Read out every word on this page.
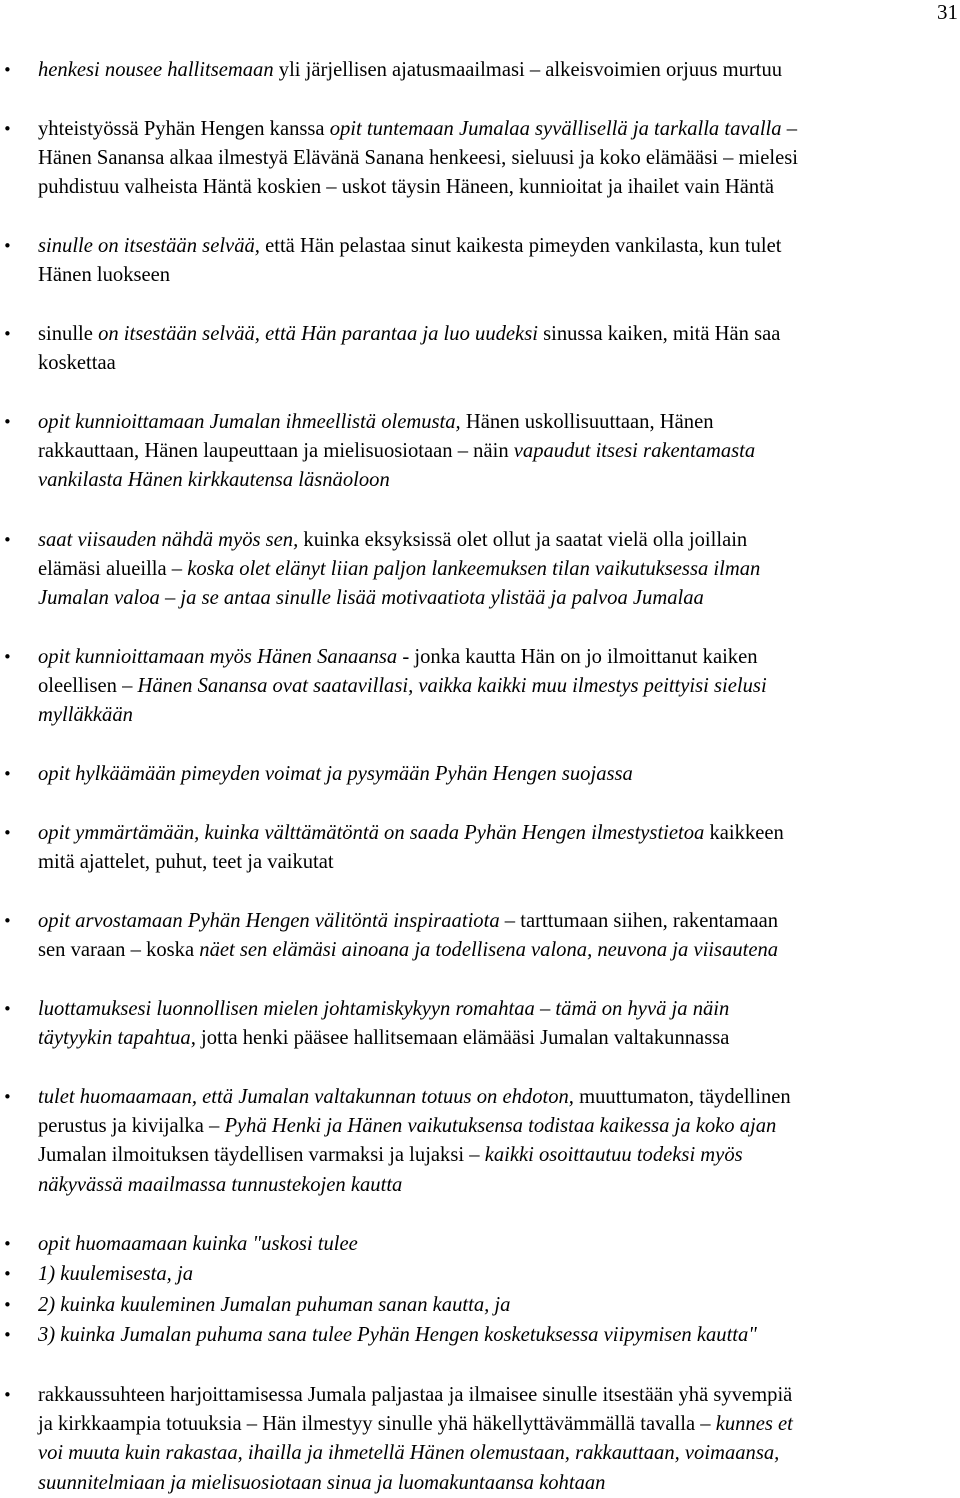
31
• henkesi nousee hallitsemaan yli järjellisen ajatusmaailmasi – alkeisvoimien orjuus murtuu
• yhteistyössä Pyhän Hengen kanssa opit tuntemaan Jumalaa syvällisellä ja tarkalla tavalla –
Hänen Sanansa alkaa ilmestyä Elävänä Sanana henkeesi, sieluusi ja koko elämääsi – mielesi
puhdistuu valheista Häntä koskien – uskot täysin Häneen, kunnioitat ja ihailet vain Häntä
• sinulle on itsestään selvää, että Hän pelastaa sinut kaikesta pimeyden vankilasta, kun tulet
Hänen luokseen
• sinulle on itsestään selvää, että Hän parantaa ja luo uudeksi sinussa kaiken, mitä Hän saa
koskettaa
• opit kunnioittamaan Jumalan ihmeellistä olemusta, Hänen uskollisuuttaan, Hänen
rakkauttaan, Hänen laupeuttaan ja mielisuosiotaan – näin vapaudut itsesi rakentamasta
vankilasta Hänen kirkkautensa läsnäoloon
• saat viisauden nähdä myös sen, kuinka eksyksissä olet ollut ja saatat vielä olla joillain
elämäsi alueilla – koska olet elänyt liian paljon lankeemuksen tilan vaikutuksessa ilman
Jumalan valoa – ja se antaa sinulle lisää motivaatiota ylistää ja palvoa Jumalaa
• opit kunnioittamaan myös Hänen Sanaansa - jonka kautta Hän on jo ilmoittanut kaiken
oleellisen – Hänen Sanansa ovat saatavillasi, vaikka kaikki muu ilmestys peittyisi sielusi
mylläkkään
• opit hylkäämään pimeyden voimat ja pysymään Pyhän Hengen suojassa
• opit ymmärtämään, kuinka välttämätöntä on saada Pyhän Hengen ilmestystietoa kaikkeen
mitä ajattelet, puhut, teet ja vaikutat
• opit arvostamaan Pyhän Hengen välitöntä inspiraatiota – tarttumaan siihen, rakentamaan
sen varaan – koska näet sen elämäsi ainoana ja todellisena valona, neuvona ja viisautena
• luottamuksesi luonnollisen mielen johtamiskykyyn romahtaa – tämä on hyvä ja näin
täytyykin tapahtua, jotta henki pääsee hallitsemaan elämääsi Jumalan valtakunnassa
• tulet huomaamaan, että Jumalan valtakunnan totuus on ehdoton, muuttumaton, täydellinen
perustus ja kivijalka – Pyhä Henki ja Hänen vaikutuksensa todistaa kaikessa ja koko ajan
Jumalan ilmoituksen täydellisen varmaksi ja lujaksi – kaikki osoittautuu todeksi myös
näkyvässä maailmassa tunnustekojen kautta
• opit huomaamaan kuinka "uskosi tulee
• 1) kuulemisesta, ja
• 2) kuinka kuuleminen Jumalan puhuman sanan kautta, ja
• 3) kuinka Jumalan puhuma sana tulee Pyhän Hengen kosketuksessa viipymisen kautta"
• rakkaussuhteen harjoittamisessa Jumala paljastaa ja ilmaisee sinulle itsestään yhä syvempiä
ja kirkkaampia totuuksia – Hän ilmestyy sinulle yhä häkellyttävämmällä tavalla – kunnes et
voi muuta kuin rakastaa, ihailla ja ihmetellä Hänen olemustaan, rakkauttaan, voimaansa,
suunnitelmiaan ja mielisuosiotaan sinua ja luomakuntaansa kohtaan
